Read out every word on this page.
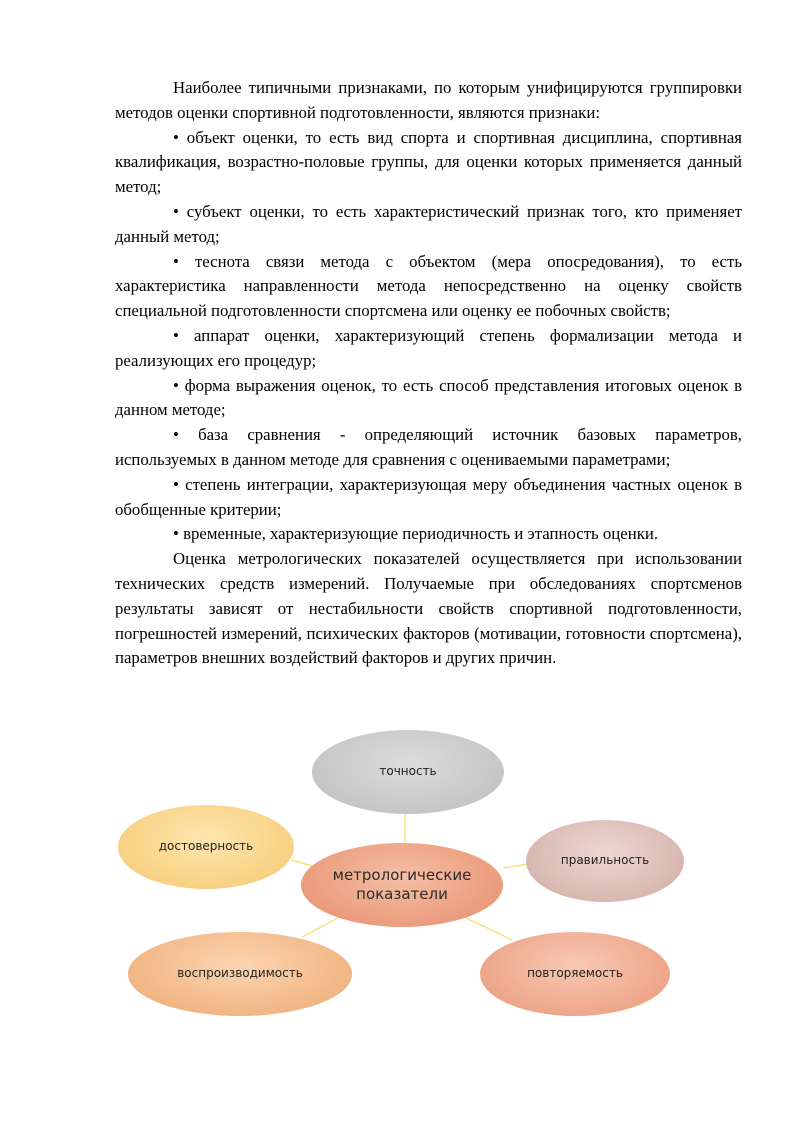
Наиболее типичными признаками, по которым унифицируются группировки методов оценки спортивной подготовленности, являются признаки:

• объект оценки, то есть вид спорта и спортивная дисциплина, спортивная квалификация, возрастно-половые группы, для оценки которых применяется данный метод;

• субъект оценки, то есть характеристический признак того, кто применяет данный метод;

• теснота связи метода с объектом (мера опосредования), то есть характеристика направленности метода непосредственно на оценку свойств специальной подготовленности спортсмена или оценку ее побочных свойств;

• аппарат оценки, характеризующий степень формализации метода и реализующих его процедур;

• форма выражения оценок, то есть способ представления итоговых оценок в данном методе;

• база сравнения - определяющий источник базовых параметров, используемых в данном методе для сравнения с оцениваемыми параметрами;

• степень интеграции, характеризующая меру объединения частных оценок в обобщенные критерии;

• временные, характеризующие периодичность и этапность оценки.

Оценка метрологических показателей осуществляется при использовании технических средств измерений. Получаемые при обследованиях спортсменов результаты зависят от нестабильности свойств спортивной подготовленности, погрешностей измерений, психических факторов (мотивации, готовности спортсмена), параметров внешних воздействий факторов и других причин.

точность
достоверность
правильность
воспроизводимость	повторяемость
метрологические показатели
